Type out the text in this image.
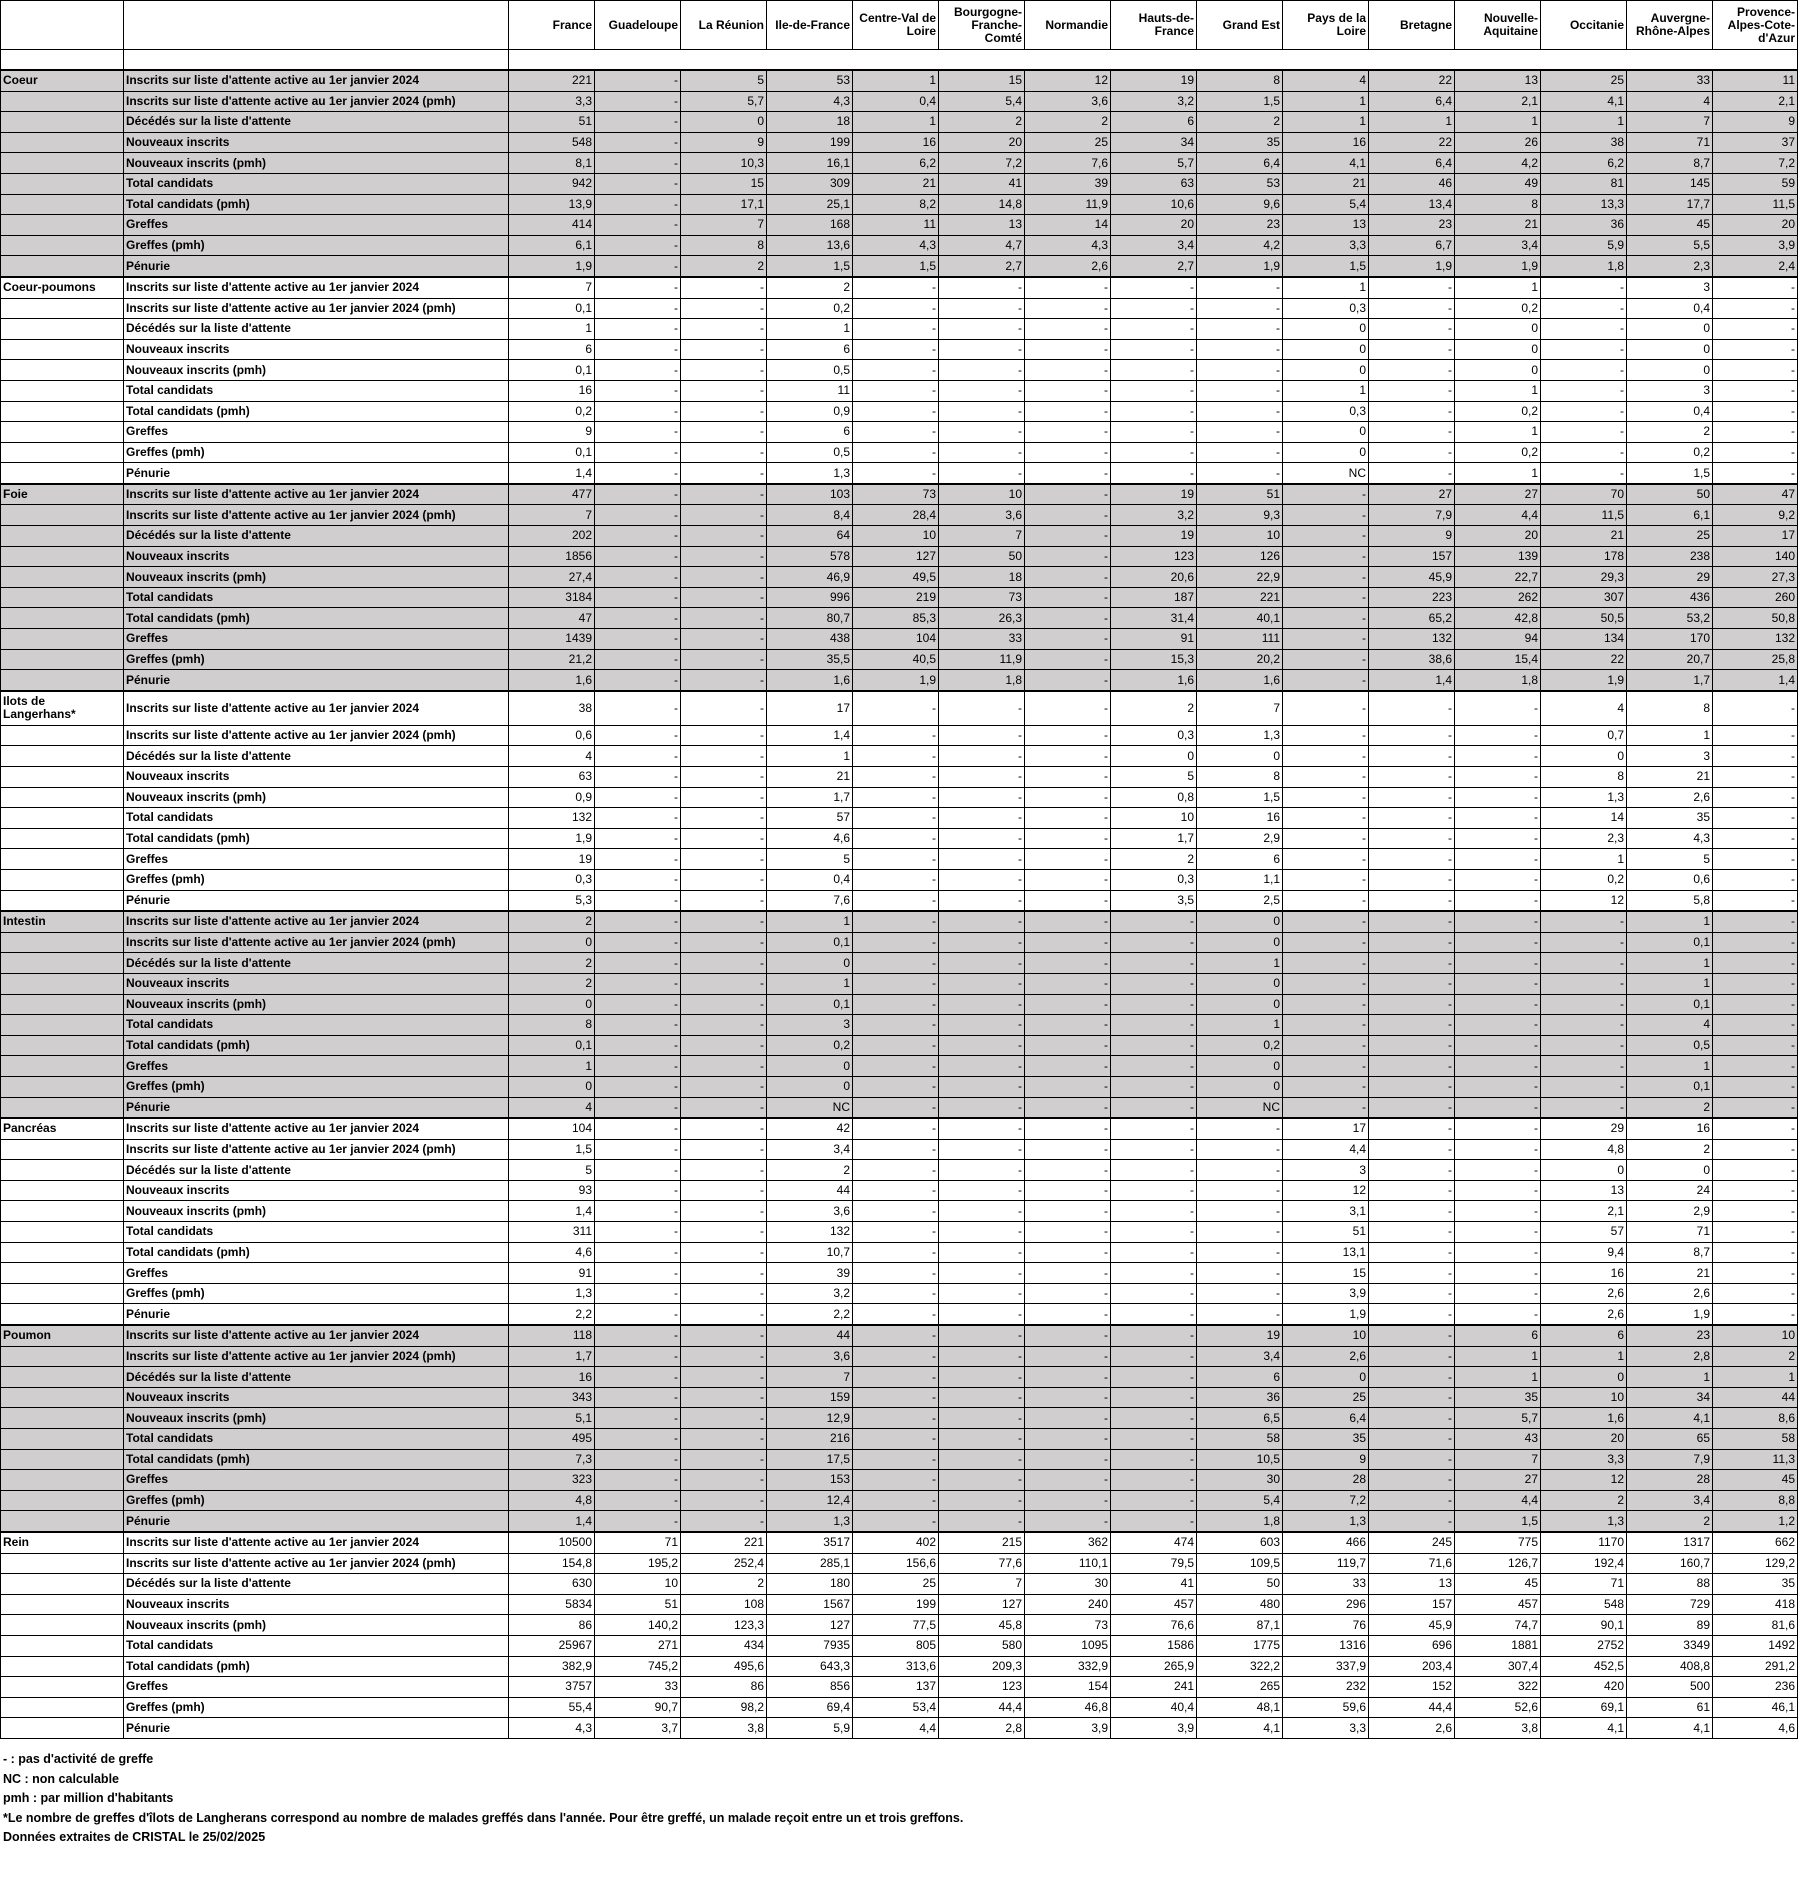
		France	Guadeloupe	La Réunion	Ile-de-France	Centre-Val de Loire	Bourgogne-Franche-Comté	Normandie	Hauts-de-France	Grand Est	Pays de la Loire	Bretagne	Nouvelle-Aquitaine	Occitanie	Auvergne-Rhône-Alpes	Provence-Alpes-Cote-d'Azur

Coeur	Inscrits sur liste d'attente active au 1er janvier 2024	221	-	5	53	1	15	12	19	8	4	22	13	25	33	11
	Inscrits sur liste d'attente active au 1er janvier 2024 (pmh)	3,3	-	5,7	4,3	0,4	5,4	3,6	3,2	1,5	1	6,4	2,1	4,1	4	2,1
	Décédés sur la liste d'attente	51	-	0	18	1	2	2	6	2	1	1	1	1	7	9
	Nouveaux inscrits	548	-	9	199	16	20	25	34	35	16	22	26	38	71	37
	Nouveaux inscrits (pmh)	8,1	-	10,3	16,1	6,2	7,2	7,6	5,7	6,4	4,1	6,4	4,2	6,2	8,7	7,2
	Total candidats	942	-	15	309	21	41	39	63	53	21	46	49	81	145	59
	Total candidats (pmh)	13,9	-	17,1	25,1	8,2	14,8	11,9	10,6	9,6	5,4	13,4	8	13,3	17,7	11,5
	Greffes	414	-	7	168	11	13	14	20	23	13	23	21	36	45	20
	Greffes (pmh)	6,1	-	8	13,6	4,3	4,7	4,3	3,4	4,2	3,3	6,7	3,4	5,9	5,5	3,9
	Pénurie	1,9	-	2	1,5	1,5	2,7	2,6	2,7	1,9	1,5	1,9	1,9	1,8	2,3	2,4
Coeur-poumons	Inscrits sur liste d'attente active au 1er janvier 2024	7	-	-	2	-	-	-	-	-	1	-	1	-	3	-
	Inscrits sur liste d'attente active au 1er janvier 2024 (pmh)	0,1	-	-	0,2	-	-	-	-	-	0,3	-	0,2	-	0,4	-
	Décédés sur la liste d'attente	1	-	-	1	-	-	-	-	-	0	-	0	-	0	-
	Nouveaux inscrits	6	-	-	6	-	-	-	-	-	0	-	0	-	0	-
	Nouveaux inscrits (pmh)	0,1	-	-	0,5	-	-	-	-	-	0	-	0	-	0	-
	Total candidats	16	-	-	11	-	-	-	-	-	1	-	1	-	3	-
	Total candidats (pmh)	0,2	-	-	0,9	-	-	-	-	-	0,3	-	0,2	-	0,4	-
	Greffes	9	-	-	6	-	-	-	-	-	0	-	1	-	2	-
	Greffes (pmh)	0,1	-	-	0,5	-	-	-	-	-	0	-	0,2	-	0,2	-
	Pénurie	1,4	-	-	1,3	-	-	-	-	-	NC	-	1	-	1,5	-
Foie	Inscrits sur liste d'attente active au 1er janvier 2024	477	-	-	103	73	10	-	19	51	-	27	27	70	50	47
	Inscrits sur liste d'attente active au 1er janvier 2024 (pmh)	7	-	-	8,4	28,4	3,6	-	3,2	9,3	-	7,9	4,4	11,5	6,1	9,2
	Décédés sur la liste d'attente	202	-	-	64	10	7	-	19	10	-	9	20	21	25	17
	Nouveaux inscrits	1856	-	-	578	127	50	-	123	126	-	157	139	178	238	140
	Nouveaux inscrits (pmh)	27,4	-	-	46,9	49,5	18	-	20,6	22,9	-	45,9	22,7	29,3	29	27,3
	Total candidats	3184	-	-	996	219	73	-	187	221	-	223	262	307	436	260
	Total candidats (pmh)	47	-	-	80,7	85,3	26,3	-	31,4	40,1	-	65,2	42,8	50,5	53,2	50,8
	Greffes	1439	-	-	438	104	33	-	91	111	-	132	94	134	170	132
	Greffes (pmh)	21,2	-	-	35,5	40,5	11,9	-	15,3	20,2	-	38,6	15,4	22	20,7	25,8
	Pénurie	1,6	-	-	1,6	1,9	1,8	-	1,6	1,6	-	1,4	1,8	1,9	1,7	1,4
Ilots de Langerhans*	Inscrits sur liste d'attente active au 1er janvier 2024	38	-	-	17	-	-	-	2	7	-	-	-	4	8	-
	Inscrits sur liste d'attente active au 1er janvier 2024 (pmh)	0,6	-	-	1,4	-	-	-	0,3	1,3	-	-	-	0,7	1	-
	Décédés sur la liste d'attente	4	-	-	1	-	-	-	0	0	-	-	-	0	3	-
	Nouveaux inscrits	63	-	-	21	-	-	-	5	8	-	-	-	8	21	-
	Nouveaux inscrits (pmh)	0,9	-	-	1,7	-	-	-	0,8	1,5	-	-	-	1,3	2,6	-
	Total candidats	132	-	-	57	-	-	-	10	16	-	-	-	14	35	-
	Total candidats (pmh)	1,9	-	-	4,6	-	-	-	1,7	2,9	-	-	-	2,3	4,3	-
	Greffes	19	-	-	5	-	-	-	2	6	-	-	-	1	5	-
	Greffes (pmh)	0,3	-	-	0,4	-	-	-	0,3	1,1	-	-	-	0,2	0,6	-
	Pénurie	5,3	-	-	7,6	-	-	-	3,5	2,5	-	-	-	12	5,8	-
Intestin	Inscrits sur liste d'attente active au 1er janvier 2024	2	-	-	1	-	-	-	-	0	-	-	-	-	1	-
	Inscrits sur liste d'attente active au 1er janvier 2024 (pmh)	0	-	-	0,1	-	-	-	-	0	-	-	-	-	0,1	-
	Décédés sur la liste d'attente	2	-	-	0	-	-	-	-	1	-	-	-	-	1	-
	Nouveaux inscrits	2	-	-	1	-	-	-	-	0	-	-	-	-	1	-
	Nouveaux inscrits (pmh)	0	-	-	0,1	-	-	-	-	0	-	-	-	-	0,1	-
	Total candidats	8	-	-	3	-	-	-	-	1	-	-	-	-	4	-
	Total candidats (pmh)	0,1	-	-	0,2	-	-	-	-	0,2	-	-	-	-	0,5	-
	Greffes	1	-	-	0	-	-	-	-	0	-	-	-	-	1	-
	Greffes (pmh)	0	-	-	0	-	-	-	-	0	-	-	-	-	0,1	-
	Pénurie	4	-	-	NC	-	-	-	-	NC	-	-	-	-	2	-
Pancréas	Inscrits sur liste d'attente active au 1er janvier 2024	104	-	-	42	-	-	-	-	-	17	-	-	29	16	-
	Inscrits sur liste d'attente active au 1er janvier 2024 (pmh)	1,5	-	-	3,4	-	-	-	-	-	4,4	-	-	4,8	2	-
	Décédés sur la liste d'attente	5	-	-	2	-	-	-	-	-	3	-	-	0	0	-
	Nouveaux inscrits	93	-	-	44	-	-	-	-	-	12	-	-	13	24	-
	Nouveaux inscrits (pmh)	1,4	-	-	3,6	-	-	-	-	-	3,1	-	-	2,1	2,9	-
	Total candidats	311	-	-	132	-	-	-	-	-	51	-	-	57	71	-
	Total candidats (pmh)	4,6	-	-	10,7	-	-	-	-	-	13,1	-	-	9,4	8,7	-
	Greffes	91	-	-	39	-	-	-	-	-	15	-	-	16	21	-
	Greffes (pmh)	1,3	-	-	3,2	-	-	-	-	-	3,9	-	-	2,6	2,6	-
	Pénurie	2,2	-	-	2,2	-	-	-	-	-	1,9	-	-	2,6	1,9	-
Poumon	Inscrits sur liste d'attente active au 1er janvier 2024	118	-	-	44	-	-	-	-	19	10	-	6	6	23	10
	Inscrits sur liste d'attente active au 1er janvier 2024 (pmh)	1,7	-	-	3,6	-	-	-	-	3,4	2,6	-	1	1	2,8	2
	Décédés sur la liste d'attente	16	-	-	7	-	-	-	-	6	0	-	1	0	1	1
	Nouveaux inscrits	343	-	-	159	-	-	-	-	36	25	-	35	10	34	44
	Nouveaux inscrits (pmh)	5,1	-	-	12,9	-	-	-	-	6,5	6,4	-	5,7	1,6	4,1	8,6
	Total candidats	495	-	-	216	-	-	-	-	58	35	-	43	20	65	58
	Total candidats (pmh)	7,3	-	-	17,5	-	-	-	-	10,5	9	-	7	3,3	7,9	11,3
	Greffes	323	-	-	153	-	-	-	-	30	28	-	27	12	28	45
	Greffes (pmh)	4,8	-	-	12,4	-	-	-	-	5,4	7,2	-	4,4	2	3,4	8,8
	Pénurie	1,4	-	-	1,3	-	-	-	-	1,8	1,3	-	1,5	1,3	2	1,2
Rein	Inscrits sur liste d'attente active au 1er janvier 2024	10500	71	221	3517	402	215	362	474	603	466	245	775	1170	1317	662
	Inscrits sur liste d'attente active au 1er janvier 2024 (pmh)	154,8	195,2	252,4	285,1	156,6	77,6	110,1	79,5	109,5	119,7	71,6	126,7	192,4	160,7	129,2
	Décédés sur la liste d'attente	630	10	2	180	25	7	30	41	50	33	13	45	71	88	35
	Nouveaux inscrits	5834	51	108	1567	199	127	240	457	480	296	157	457	548	729	418
	Nouveaux inscrits (pmh)	86	140,2	123,3	127	77,5	45,8	73	76,6	87,1	76	45,9	74,7	90,1	89	81,6
	Total candidats	25967	271	434	7935	805	580	1095	1586	1775	1316	696	1881	2752	3349	1492
	Total candidats (pmh)	382,9	745,2	495,6	643,3	313,6	209,3	332,9	265,9	322,2	337,9	203,4	307,4	452,5	408,8	291,2
	Greffes	3757	33	86	856	137	123	154	241	265	232	152	322	420	500	236
	Greffes (pmh)	55,4	90,7	98,2	69,4	53,4	44,4	46,8	40,4	48,1	59,6	44,4	52,6	69,1	61	46,1
	Pénurie	4,3	3,7	3,8	5,9	4,4	2,8	3,9	3,9	4,1	3,3	2,6	3,8	4,1	4,1	4,6
- : pas d'activité de greffe
NC : non calculable
pmh : par million d'habitants
*Le nombre de greffes d'îlots de Langherans correspond au nombre de malades greffés dans l'année. Pour être greffé, un malade reçoit entre un et trois greffons.
Données extraites de CRISTAL le 25/02/2025
